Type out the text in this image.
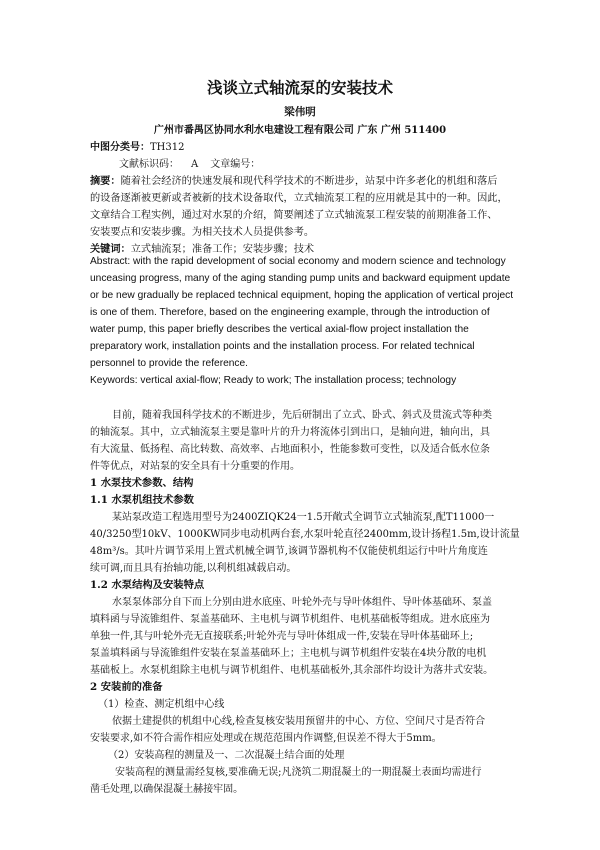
浅谈立式轴流泵的安装技术
梁伟明
广州市番禺区协同水利水电建设工程有限公司 广东 广州 511400
中图分类号：TH312
文献标识码： A 文章编号：
摘要：随着社会经济的快速发展和现代科学技术的不断进步，站泵中许多老化的机组和落后
的设备逐渐被更新或者被新的技术设备取代，立式轴流泵工程的应用就是其中的一种。因此，
文章结合工程实例，通过对水泵的介绍，简要阐述了立式轴流泵工程安装的前期准备工作、
安装要点和安装步骤。为相关技术人员提供参考。
关键词：立式轴流泵；准备工作；安装步骤；技术
Abstract: with the rapid development of social economy and modern science and technology
unceasing progress, many of the aging standing pump units and backward equipment update
or be new gradually be replaced technical equipment, hoping the application of vertical project
is one of them. Therefore, based on the engineering example, through the introduction of
water pump, this paper briefly describes the vertical axial-flow project installation the
preparatory work, installation points and the installation process. For related technical
personnel to provide the reference.
Keywords: vertical axial-flow; Ready to work; The installation process; technology
目前，随着我国科学技术的不断进步，先后研制出了立式、卧式、斜式及贯流式等种类
的轴流泵。其中，立式轴流泵主要是靠叶片的升力将流体引到出口，是轴向进，轴向出，具
有大流量、低扬程、高比转数、高效率、占地面积小，性能参数可变性，以及适合低水位条
件等优点，对站泵的安全具有十分重要的作用。
1 水泵技术参数、结构
1.1 水泵机组技术参数
某站泵改造工程选用型号为2400ZIQK24一1.5开敞式全调节立式轴流泵,配T11000一
40/3250型10kV、1000KW同步电动机两台套,水泵叶轮直径2400mm,设计扬程1.5m,设计流量
48m³/s。其叶片调节采用上置式机械全调节,该调节器机构不仅能使机组运行中叶片角度连
续可调,而且具有抬轴功能,以利机组减载启动。
1.2 水泵结构及安装特点
水泵泵体部分自下而上分别由进水底座、叶轮外壳与导叶体组件、导叶体基础环、泵盖
填料函与导流锥组件、泵盖基础环、主电机与调节机组件、电机基础板等组成。进水底座为
单独一件,其与叶轮外壳无直接联系;叶轮外壳与导叶体组成一件,安装在导叶体基础环上;
泵盖填料函与导流锥组件安装在泵盖基础环上；主电机与调节机组件安装在4块分散的电机
基础板上。水泵机组除主电机与调节机组件、电机基础板外,其余部件均设计为落井式安装。
2 安装前的准备
（1）检查、测定机组中心线
依据土建提供的机组中心线,检查复核安装用预留井的中心、方位、空间尺寸是否符合
安装要求,如不符合需作相应处理或在规范范围内作调整,但误差不得大于5mm。
（2）安装高程的测量及一、二次混凝土结合面的处理
安装高程的测量需经复核,要准确无误;凡浇筑二期混凝土的一期混凝土表面均需进行
凿毛处理,以确保混凝土赫接牢固。
